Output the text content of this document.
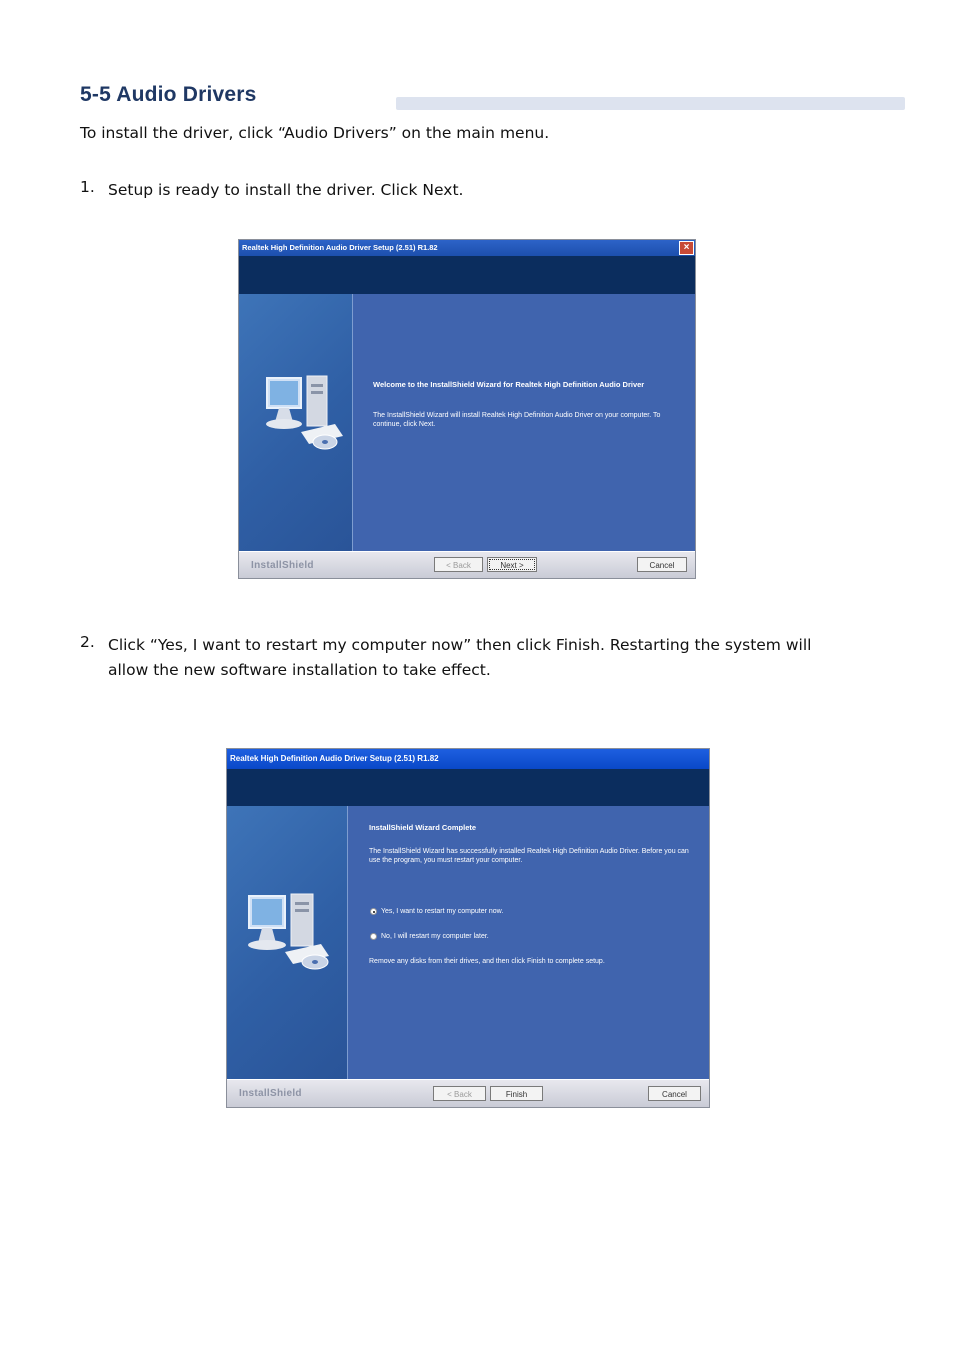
5-5 Audio Drivers
To install the driver, click “Audio Drivers” on the main menu.
1. Setup is ready to install the driver. Click Next.
Realtek High Definition Audio Driver Setup (2.51) R1.82	×
Welcome to the InstallShield Wizard for Realtek High Definition Audio Driver
The InstallShield Wizard will install Realtek High Definition Audio Driver on your computer. To continue, click Next.
InstallShield	< Back	Next >	Cancel
2. Click “Yes, I want to restart my computer now” then click Finish. Restarting the system will allow the new software installation to take effect.
Realtek High Definition Audio Driver Setup (2.51) R1.82
InstallShield Wizard Complete
The InstallShield Wizard has successfully installed Realtek High Definition Audio Driver. Before you can use the program, you must restart your computer.
Yes, I want to restart my computer now.
No, I will restart my computer later.
Remove any disks from their drives, and then click Finish to complete setup.
InstallShield	< Back	Finish	Cancel
